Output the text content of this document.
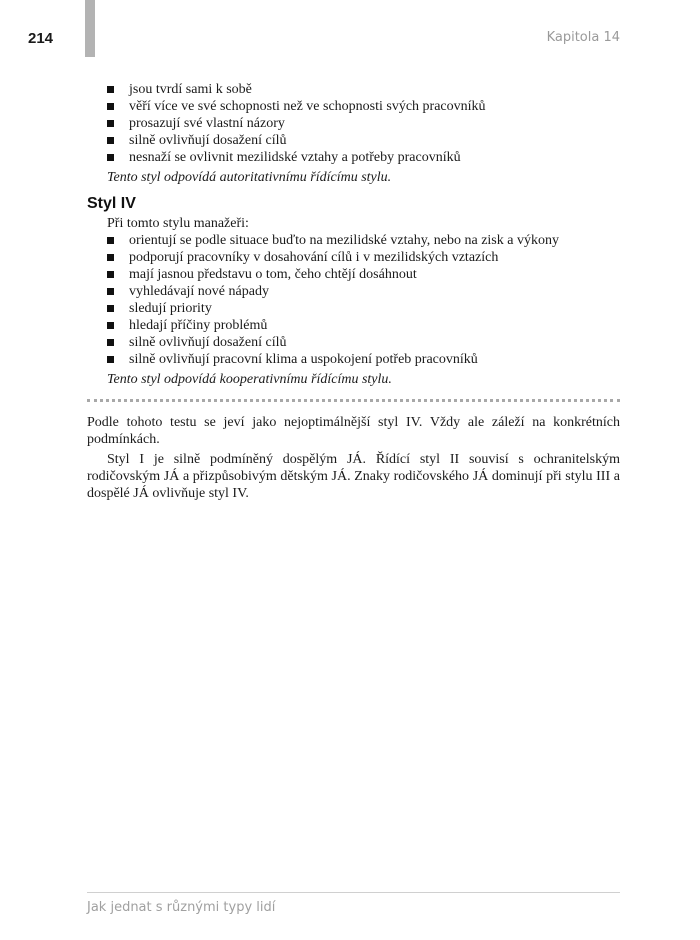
214	Kapitola 14
jsou tvrdí sami k sobě
věří více ve své schopnosti než ve schopnosti svých pracovníků
prosazují své vlastní názory
silně ovlivňují dosažení cílů
nesnaží se ovlivnit mezilidské vztahy a potřeby pracovníků
Tento styl odpovídá autoritativnímu řídícímu stylu.
Styl IV
Při tomto stylu manažeři:
orientují se podle situace buďto na mezilidské vztahy, nebo na zisk a výkony
podporují pracovníky v dosahování cílů i v mezilidských vztazích
mají jasnou představu o tom, čeho chtějí dosáhnout
vyhledávají nové nápady
sledují priority
hledají příčiny problémů
silně ovlivňují dosažení cílů
silně ovlivňují pracovní klima a uspokojení potřeb pracovníků
Tento styl odpovídá kooperativnímu řídícímu stylu.

Podle tohoto testu se jeví jako nejoptimálnější styl IV. Vždy ale záleží na konkrétních podmínkách.

Styl I je silně podmíněný dospělým JÁ. Řídící styl II souvisí s ochranitelským rodičovským JÁ a přizpůsobivým dětským JÁ. Znaky rodičovského JÁ dominují při stylu III a dospělé JÁ ovlivňuje styl IV.

Jak jednat s různými typy lidí
